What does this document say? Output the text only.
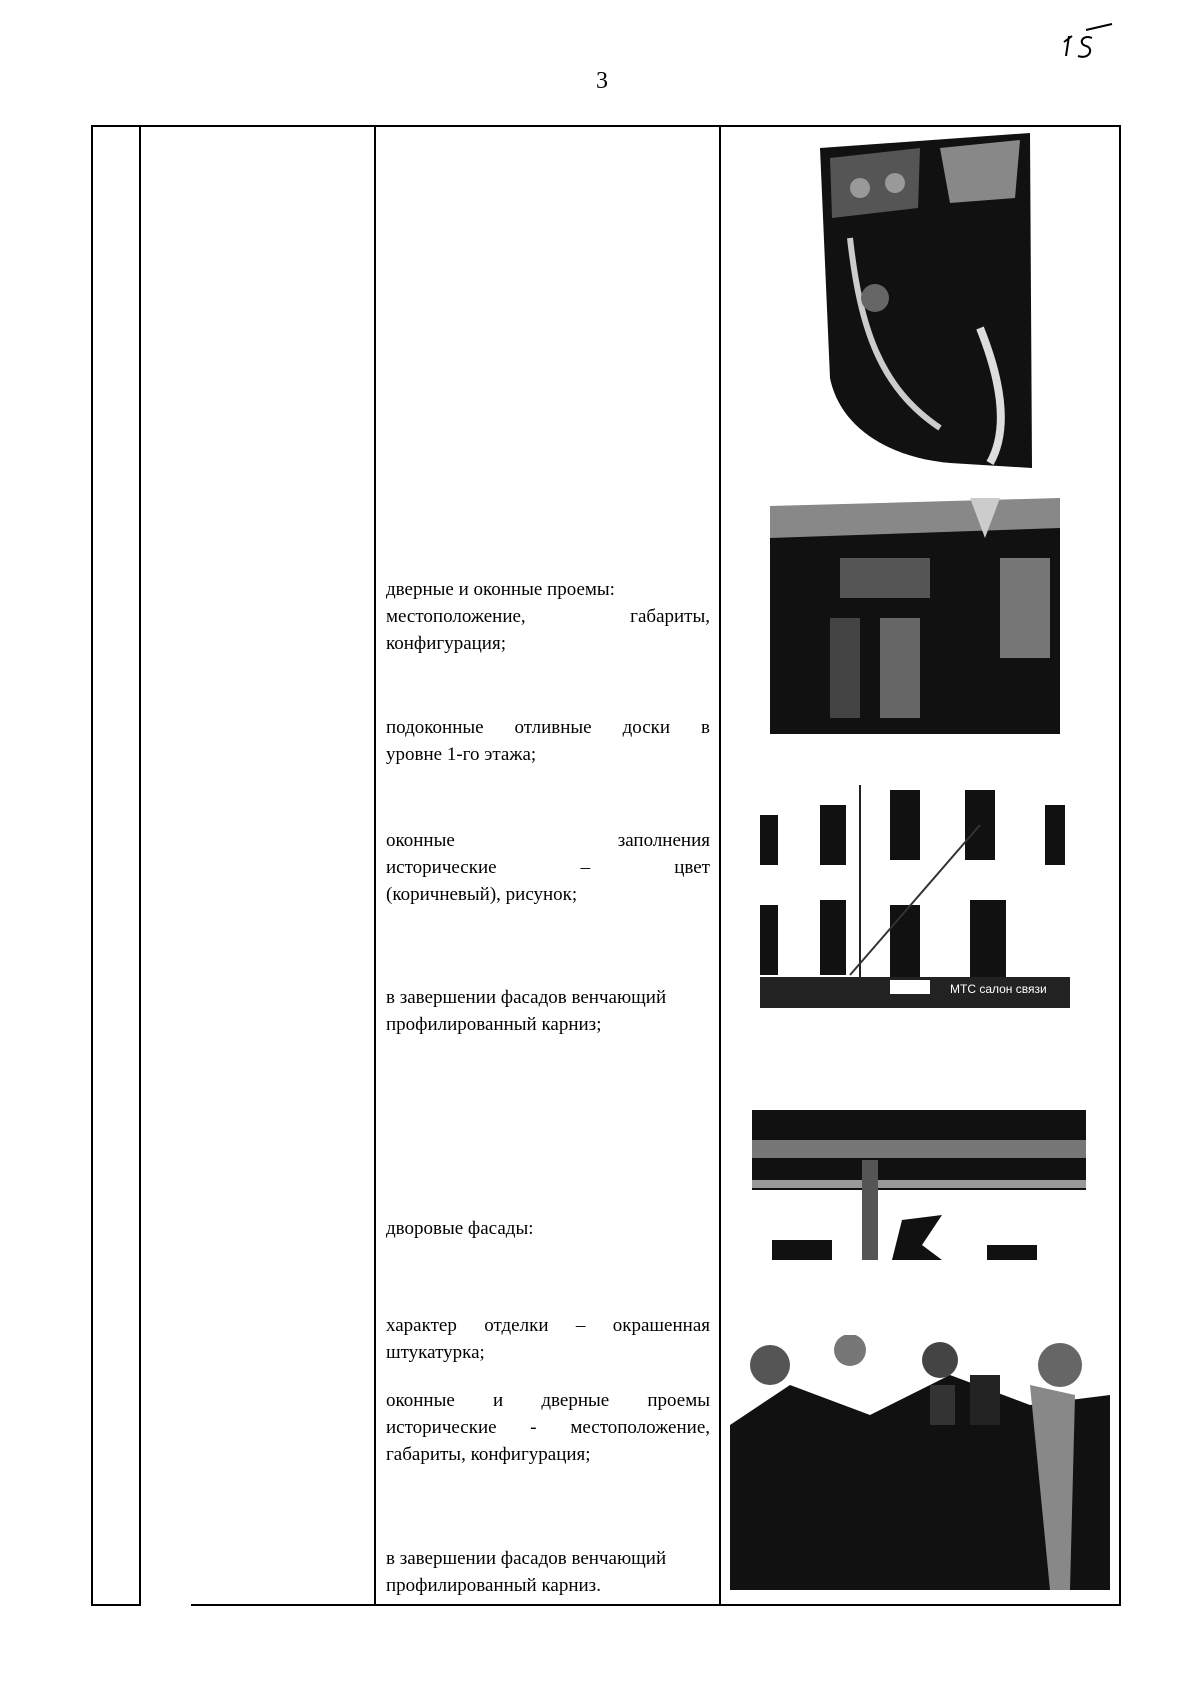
3
дверные и оконные проемы:
местоположение, габариты,
конфигурация;
подоконные отливные доски в
уровне 1-го этажа;
оконные заполнения
исторические – цвет
(коричневый), рисунок;
в завершении фасадов венчающий
профилированный карниз;
дворовые фасады:
характер отделки – окрашенная
штукатурка;
оконные и дверные проемы
исторические - местоположение,
габариты, конфигурация;
в завершении фасадов венчающий
профилированный карниз.
МТС салон связи
